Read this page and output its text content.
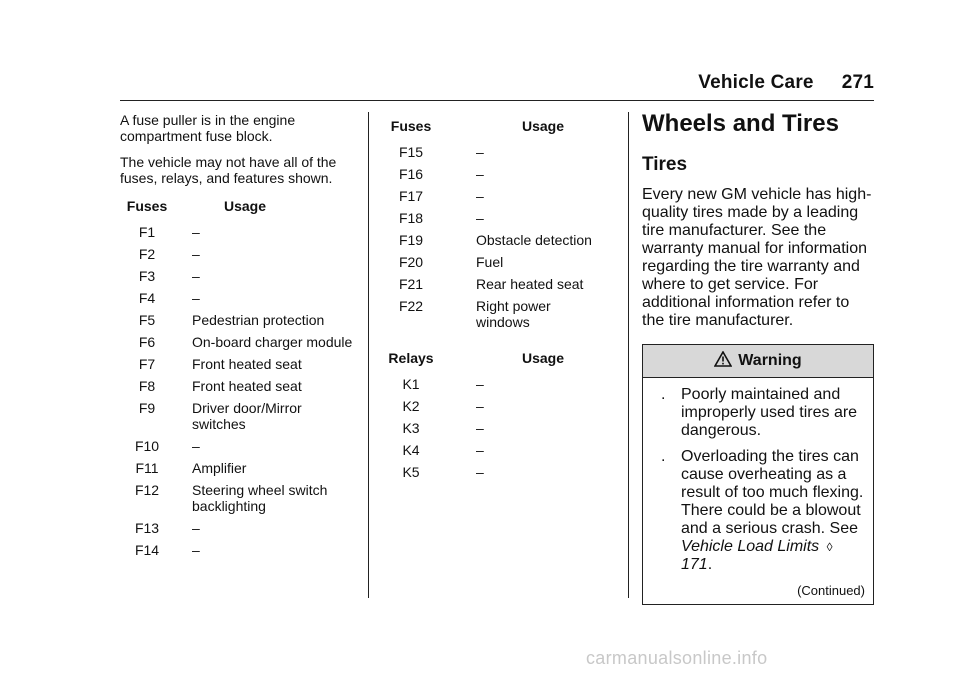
Vehicle Care 271

A fuse puller is in the engine compartment fuse block.

The vehicle may not have all of the fuses, relays, and features shown.

Fuses	Usage
F1	–
F2	–
F3	–
F4	–
F5	Pedestrian protection
F6	On-board charger module
F7	Front heated seat
F8	Front heated seat
F9	Driver door/Mirror switches
F10	–
F11	Amplifier
F12	Steering wheel switch backlighting
F13	–
F14	–
Fuses	Usage
F15	–
F16	–
F17	–
F18	–
F19	Obstacle detection
F20	Fuel
F21	Rear heated seat
F22	Right power windows
Relays	Usage
K1	–
K2	–
K3	–
K4	–
K5	–
Wheels and Tires
Tires

Every new GM vehicle has high-quality tires made by a leading tire manufacturer. See the warranty manual for information regarding the tire warranty and where to get service. For additional information refer to the tire manufacturer.

Warning
. Poorly maintained and improperly used tires are dangerous.
. Overloading the tires can cause overheating as a result of too much flexing. There could be a blowout and a serious crash. See Vehicle Load Limits ◊ 171.
(Continued)
carmanualsonline.info
